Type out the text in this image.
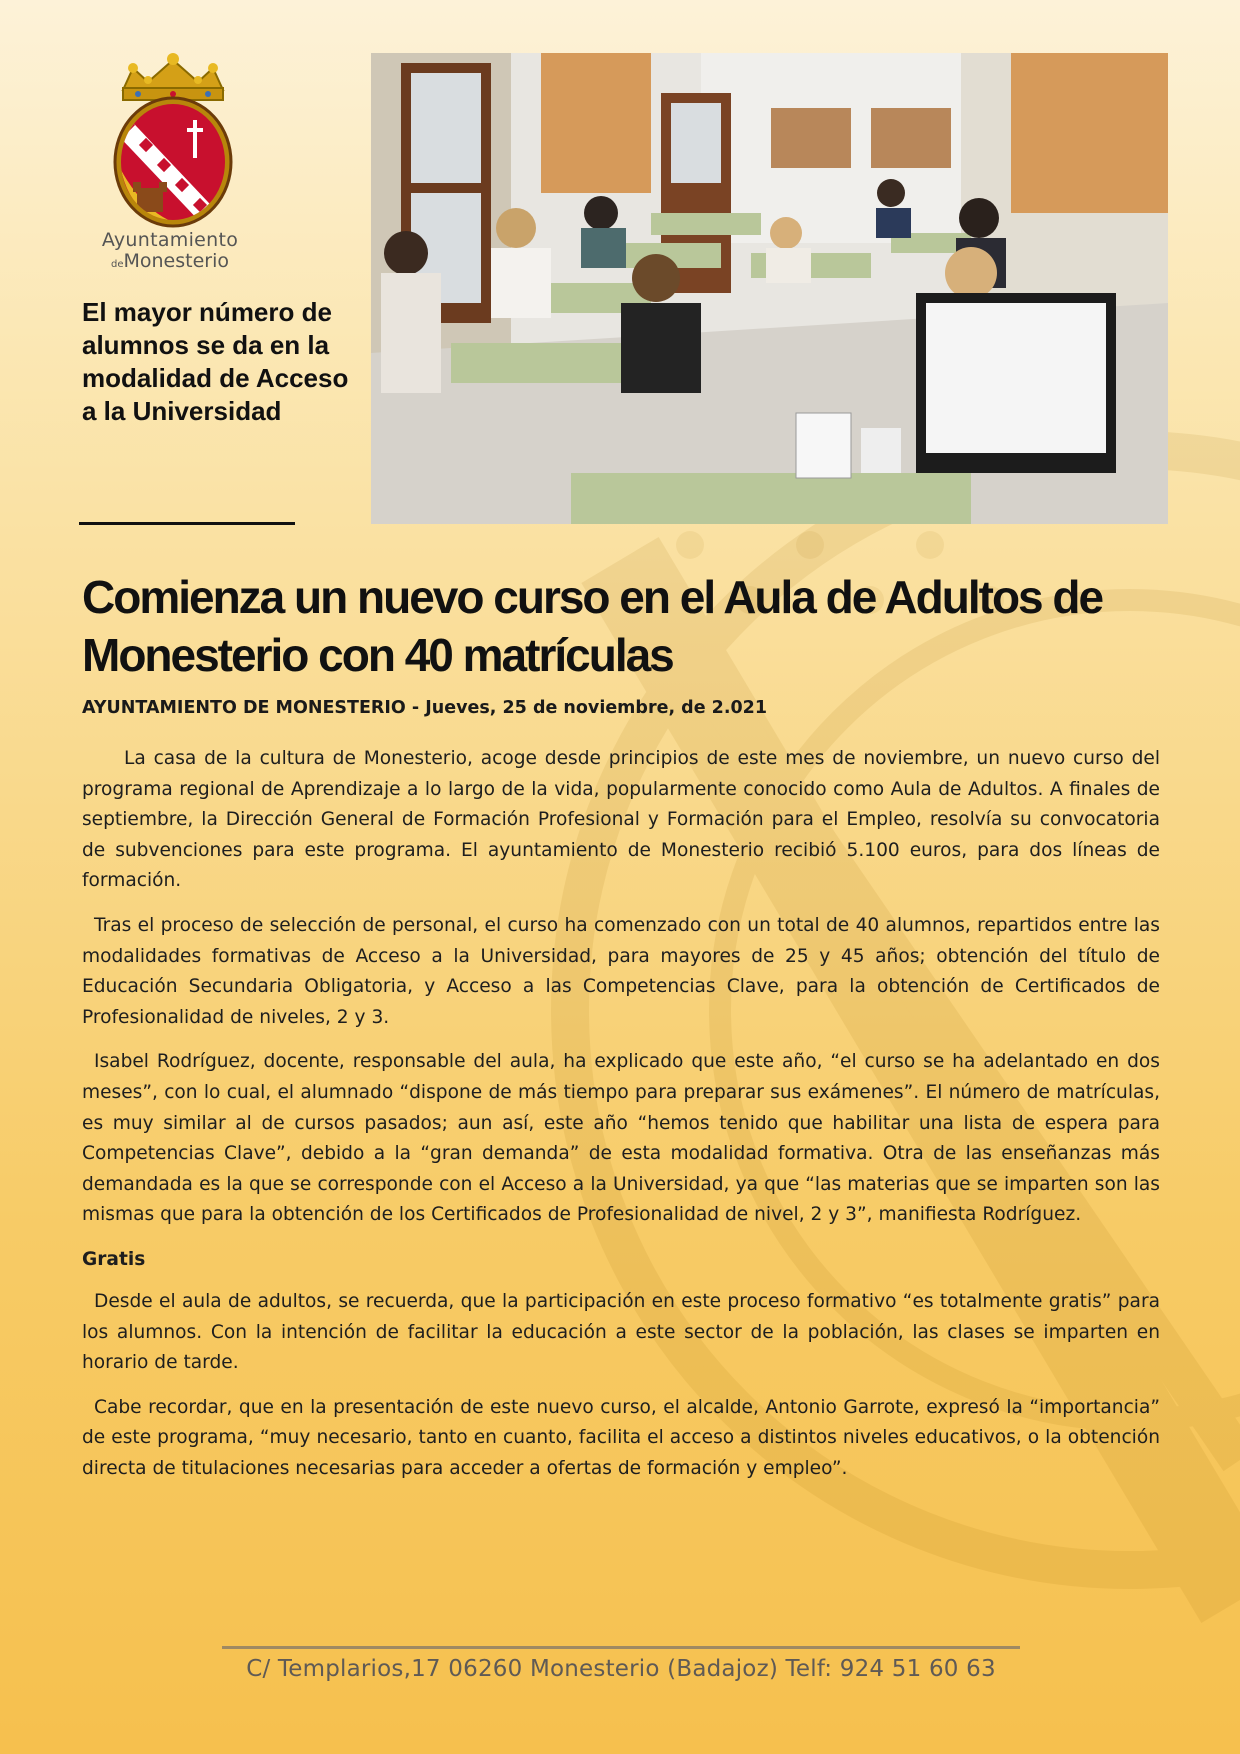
Ayuntamiento
deMonesterio
El mayor número de alumnos se da en la modalidad de Acceso a la Universidad
Comienza un nuevo curso en el Aula de Adultos de Monesterio con 40 matrículas
AYUNTAMIENTO DE MONESTERIO - Jueves, 25 de noviembre, de 2.021

La casa de la cultura de Monesterio, acoge desde principios de este mes de noviembre, un nuevo curso del programa regional de Aprendizaje a lo largo de la vida, popularmente conocido como Aula de Adultos. A finales de septiembre, la Dirección General de Formación Profesional y Formación para el Empleo, resolvía su convocatoria de subvenciones para este programa. El ayuntamiento de Monesterio recibió 5.100 euros, para dos líneas de formación.

Tras el proceso de selección de personal, el curso ha comenzado con un total de 40 alumnos, repartidos entre las modalidades formativas de Acceso a la Universidad, para mayores de 25 y 45 años; obtención del título de Educación Secundaria Obligatoria, y Acceso a las Competencias Clave, para la obtención de Certificados de Profesionalidad de niveles, 2 y 3.

Isabel Rodríguez, docente, responsable del aula, ha explicado que este año, “el curso se ha adelantado en dos meses”, con lo cual, el alumnado “dispone de más tiempo para preparar sus exámenes”. El número de matrículas, es muy similar al de cursos pasados; aun así, este año “hemos tenido que habilitar una lista de espera para Competencias Clave”, debido a la “gran demanda” de esta modalidad formativa. Otra de las enseñanzas más demandada es la que se corresponde con el Acceso a la Universidad, ya que “las materias que se imparten son las mismas que para la obtención de los Certificados de Profesionalidad de nivel, 2 y 3”, manifiesta Rodríguez.

Gratis

Desde el aula de adultos, se recuerda, que la participación en este proceso formativo “es totalmente gratis” para los alumnos. Con la intención de facilitar la educación a este sector de la población, las clases se imparten en horario de tarde.

Cabe recordar, que en la presentación de este nuevo curso, el alcalde, Antonio Garrote, expresó la “importancia” de este programa, “muy necesario, tanto en cuanto, facilita el acceso a distintos niveles educativos, o la obtención directa de titulaciones necesarias para acceder a ofertas de formación y empleo”.

C/ Templarios,17 06260 Monesterio (Badajoz) Telf: 924 51 60 63
